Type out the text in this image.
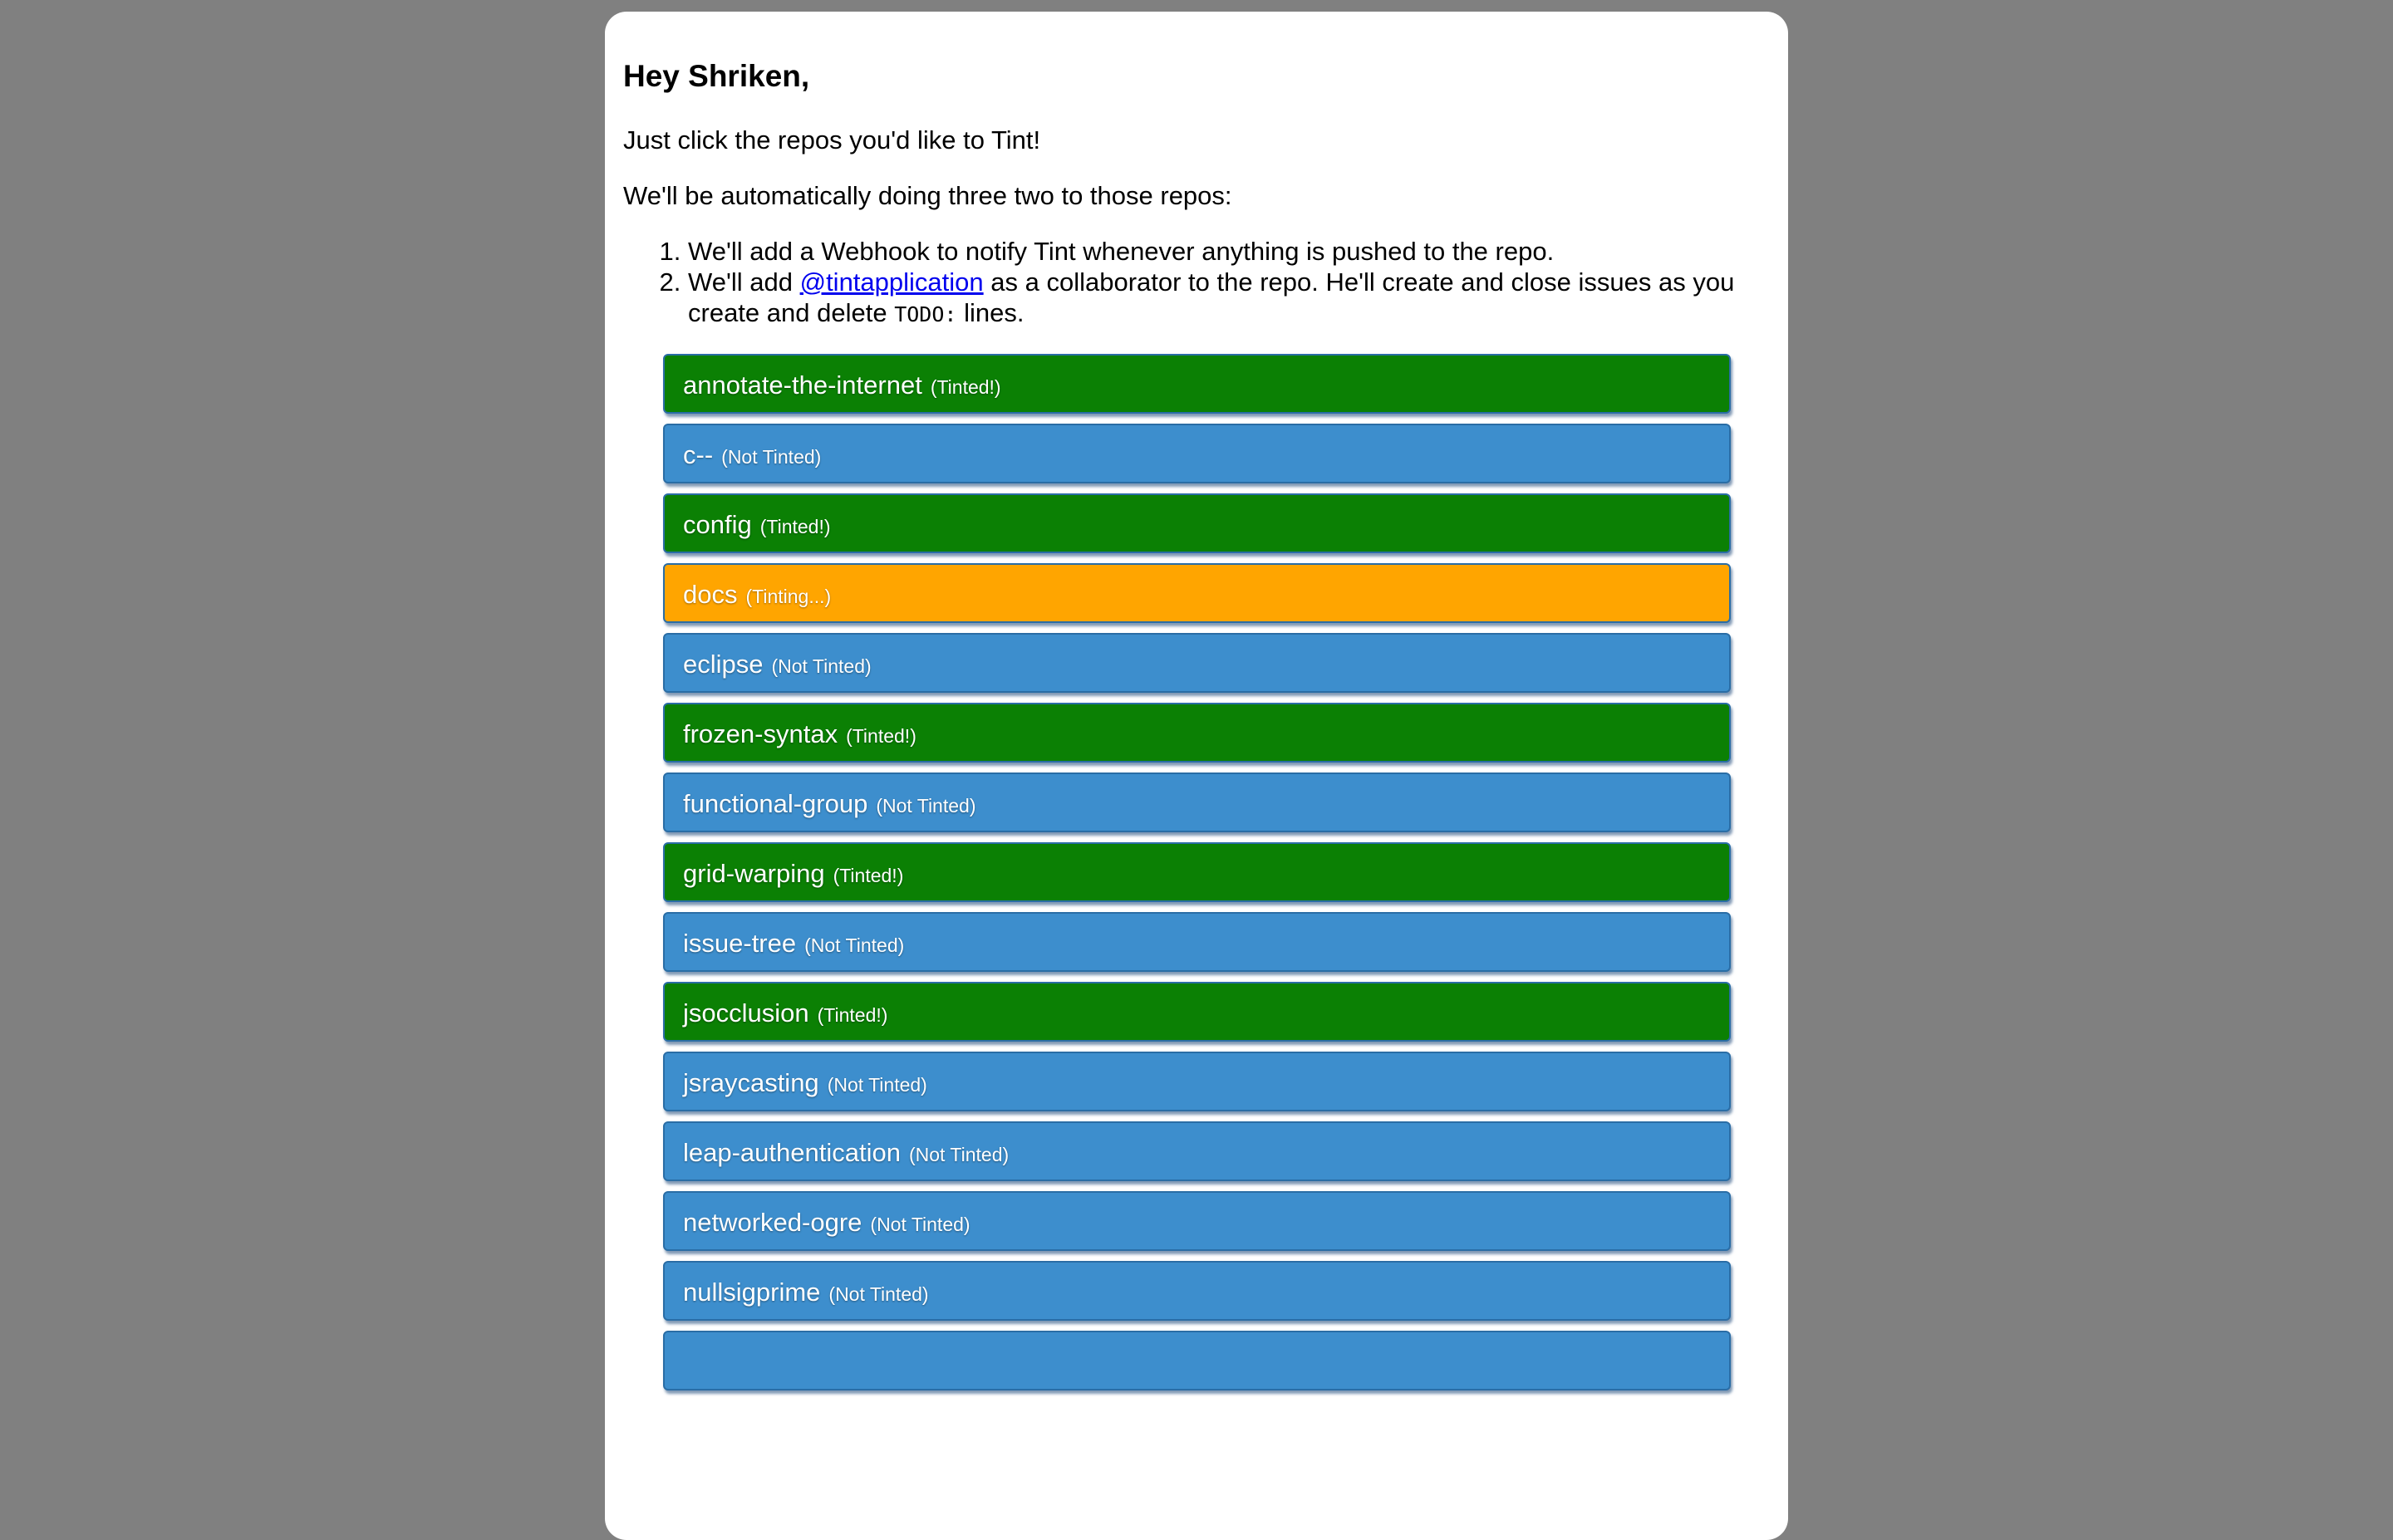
Hey Shriken,

Just click the repos you'd like to Tint!

We'll be automatically doing three two to those repos:

1. We'll add a Webhook to notify Tint whenever anything is pushed to the repo.
2. We'll add @tintapplication as a collaborator to the repo. He'll create and close issues as you create and delete TODO: lines.
annotate-the-internet (Tinted!)
c-- (Not Tinted)
config (Tinted!)
docs (Tinting...)
eclipse (Not Tinted)
frozen-syntax (Tinted!)
functional-group (Not Tinted)
grid-warping (Tinted!)
issue-tree (Not Tinted)
jsocclusion (Tinted!)
jsraycasting (Not Tinted)
leap-authentication (Not Tinted)
networked-ogre (Not Tinted)
nullsigprime (Not Tinted)
